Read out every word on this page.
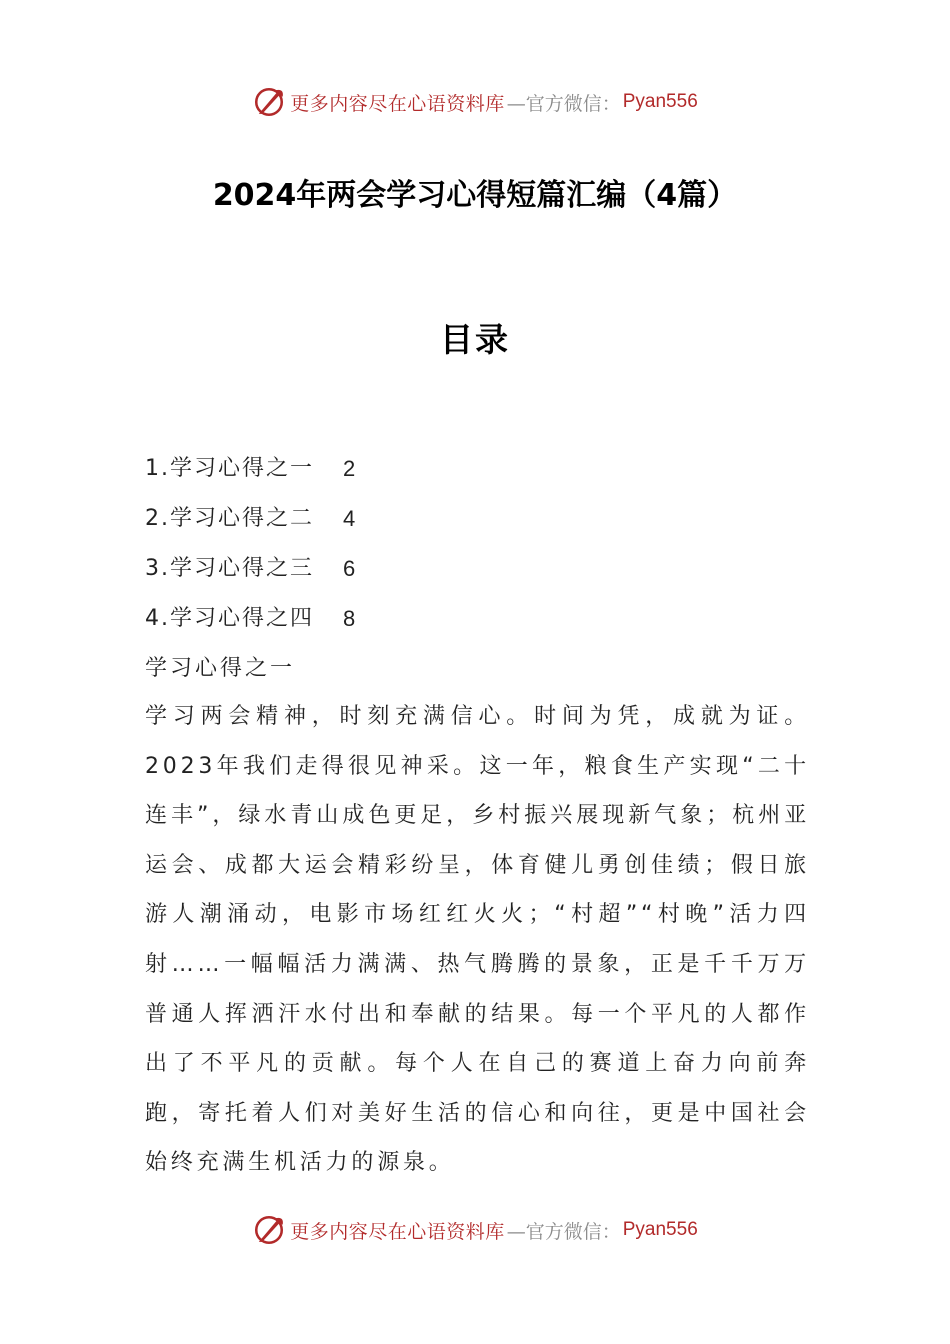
更多内容尽在心语资料库 —官方微信： Pyan556
2024年两会学习心得短篇汇编（4篇）
目录
1.学习心得之一	2
2.学习心得之二	4
3.学习心得之三	6
4.学习心得之四	8
学习心得之一

学习两会精神，时刻充满信心。时间为凭，成就为证。2023年我们走得很见神采。这一年，粮食生产实现“二十连丰”，绿水青山成色更足，乡村振兴展现新气象；杭州亚运会、成都大运会精彩纷呈，体育健儿勇创佳绩；假日旅游人潮涌动，电影市场红红火火；“村超”“村晚”活力四射……一幅幅活力满满、热气腾腾的景象，正是千千万万普通人挥洒汗水付出和奉献的结果。每一个平凡的人都作出了不平凡的贡献。每个人在自己的赛道上奋力向前奔跑，寄托着人们对美好生活的信心和向往，更是中国社会始终充满生机活力的源泉。

更多内容尽在心语资料库 —官方微信： Pyan556
